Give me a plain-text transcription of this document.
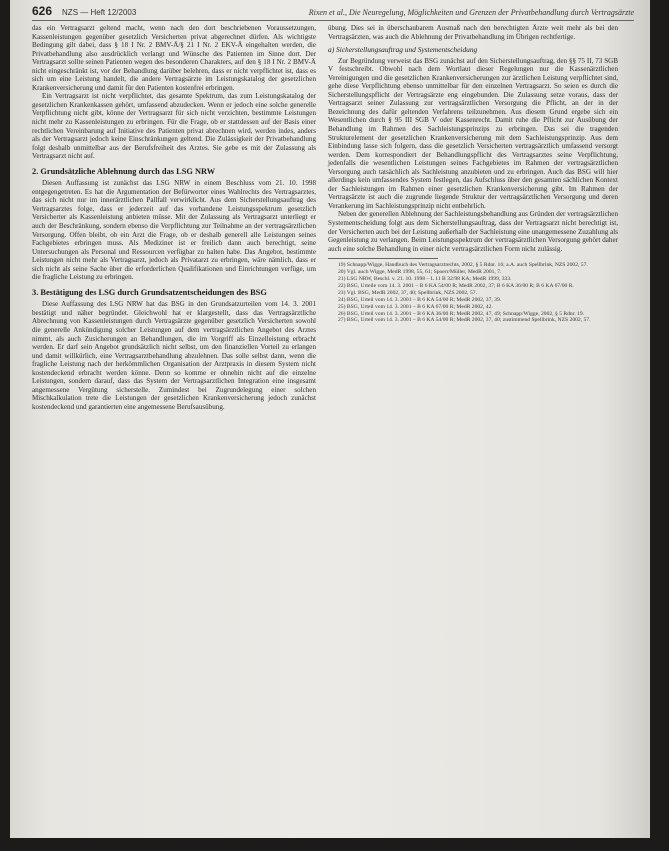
626 NZS — Heft 12/2003	Rixen et al., Die Neuregelung, Möglichkeiten und Grenzen der Privatbehandlung durch Vertragsärzte

das ein Vertragsarzt geltend macht, wenn nach den dort beschriebenen Voraussetzungen, Kassenleistungen gegenüber gesetzlich Versicherten privat abgerechnet dürfen. Als wichtigste Bedingung gilt dabei, dass § 18 I Nr. 2 BMV-Ä/§ 21 I Nr. 2 EKV-Ä eingehalten werden, die Privatbehandlung also ausdrücklich verlangt und Wünsche des Patienten im Sinne dort. Der Vertragsarzt sollte seinen Patienten wegen des besonderen Charakters, auf den § 18 I Nr. 2 BMV-Ä nicht eingeschränkt ist, vor der Behandlung darüber belehren, dass er nicht verpflichtet ist, dass es sich um eine Leistung handelt, die andere Vertragsärzte im Leistungskatalog der gesetzlichen Krankenversicherung und damit für den Patienten kostenfrei erbringen.

Ein Vertragsarzt ist nicht verpflichtet, das gesamte Spektrum, das zum Leistungskatalog der gesetzlichen Krankenkassen gehört, umfassend abzudecken. Wenn er jedoch eine solche generelle Verpflichtung nicht gibt, könne der Vertragsarzt für sich nicht verzichten, bestimmte Leistungen nicht mehr zu Kassenleistungen zu erbringen. Für die Frage, ob er stattdessen auf der Basis einer rechtlichen Vereinbarung auf Initiative des Patienten privat abrechnen wird, werden indes, anders als der Vertragsarzt jedoch keine Einschränkungen geltend. Die Zulässigkeit der Privatbehandlung folgt deshalb unmittelbar aus der Berufsfreiheit des Arztes. Sie gebe es mit der Zulassung als Vertragsarzt nicht auf.

2. Grundsätzliche Ablehnung durch das LSG NRW

Diesen Auffassung ist zunächst das LSG NRW in einem Beschluss vom 21. 10. 1998 entgegengetreten. Es hat die Argumentation der Befürworter eines Wahlrechts des Vertragsarztes, das sich nicht nur im innerärztlichen Pallfall verwirklicht. Aus dem Sicherstellungsauftrag des Vertragsarztes folge, dass er jederzeit auf das vorhandene Leistungsspektrum gesetzlich Versicherter als Kassenleistung anbieten müsse. Mit der Zulassung als Vertragsarzt unterliegt er auch der Beschränkung, sondern ebenso die Verpflichtung zur Teilnahme an der vertragsärztlichen Versorgung. Offen bleibt, ob ein Arzt die Frage, ob er deshalb generell alle Leistungen seines Fachgebietes erbringen muss. Als Mediziner ist er freilich dann auch berechtigt, seine Untersuchungen als Personal und Ressourcen verfügbar zu halten habe. Das Angebot, bestimmte Leistungen nicht mehr als Vertragsarzt, jedoch als Privatarzt zu erbringen, wäre nämlich, dass er sich nicht als seine Sache über die erforderlichen Qualifikationen und Einrichtungen verfüge, um die fragliche Leistung zu erbringen.

3. Bestätigung des LSG durch Grundsatzentscheidungen des BSG

Diese Auffassung des LSG NRW hat das BSG in den Grundsatzurteilen vom 14. 3. 2001 bestätigt und näher begründet. Gleichwohl hat er klargestellt, dass das Vertragsärztliche Abrechnung von Kassenleistungen durch Vertragsärzte gegenüber gesetzlich Versicherten sowohl die generelle Ankündigung solcher Leistungen auf dem vertragsärztlichen Angebot des Arztes nimmt, als auch Zusicherungen an Behandlungen, die im Vorgriff als Einzelleistung erbracht werden. Er darf sein Angebot grundsätzlich nicht selbst, um den finanziellen Vorteil zu erlangen und damit willkürlich, eine Vertragsarztbehandlung abzulehnen. Das solle selbst dann, wenn die fragliche Leistung nach der herkömmlichen Organisation der Arztpraxis in diesem System nicht kostendeckend erbracht werden könne. Denn so komme er ohnehin nicht auf die einzelne Leistungen, sondern darauf, dass das System der Vertragsarztlichen Integration eine insgesamt angemessene Vergütung sicherstelle. Zumindest bei Zugrundelegung einer solchen Mischkalkulation trete die Leistungen der gesetzlichen Krankenversicherung jedoch zunächst kostendeckend und garantierten eine angemessene Berufsausübung.

übung. Dies sei in überschaubarem Ausmaß nach den berechtigten Ärzte weit mehr als bei den Vertragsärzten, was auch die Ablehnung der Privatbehandlung im Übrigen rechtfertige.

a) Sicherstellungsauftrag und Systementscheidung

Zur Begründung verweist das BSG zunächst auf den Sicherstellungsauftrag, den §§ 75 II, 73 SGB V festschreibt. Obwohl nach dem Wortlaut dieser Regelungen nur die Kassenärztlichen Vereinigungen und die gesetzlichen Krankenversicherungen zur ärztlichen Leistung verpflichtet sind, gehe diese Verpflichtung ebenso unmittelbar für den einzelnen Vertragsarzt. So seien es durch die Sicherstellungspflicht der Vertragsärzte eng eingebunden. Die Zulassung setze voraus, dass der Vertragsarzt seiner Zulassung zur vertragsärztlichen Versorgung die Pflicht, an der in der Bezeichnung des dafür geltenden Verfahrens teilzunehmen. Aus diesem Grund ergebe sich ein Wesentlichen durch § 95 III SGB V oder Kassenrecht. Damit ruhe die Pflicht zur Ausübung der Behandlung im Rahmen des Sachleistungsprinzips zu erbringen. Das sei die tragenden Strukturelement der gesetzlichen Krankenversicherung mit dem Sachleistungsprinzip. Aus dem Einbindung lasse sich folgern, dass die gesetzlich Versicherten vertragsärztlich umfassend versorgt werden. Dem korrespondiert der Behandlungspflicht des Vertragsarztes seine Verpflichtung, jedenfalls die wesentlichen Leistungen seines Fachgebietes im Rahmen der vertragsärztlichen Versorgung auch tatsächlich als Sachleistung anzubieten und zu erbringen. Auch das BSG will hier allerdings kein umfassendes System festlegen, das Aufschluss über den gesamten sächlichen Kontext der Sachleistungen im Rahmen einer gesetzlichen Krankenversicherung gibt. Im Rahmen der Vertragsärzte ist auch die zugrunde liegende Struktur der vertragsärztlichen Versorgung und deren Verankerung im Sachleistungsprinzip nicht entbehrlich.

Neben der generellen Ablehnung der Sachleistungsbehandlung aus Gründen der vertragsärztlichen Systementscheidung folgt aus dem Sicherstellungsauftrag, dass der Vertragsarzt nicht berechtigt ist, der Versicherten auch bei der Leistung außerhalb der Sachleistung eine unangemessene Zuzahlung als Gegenleistung zu verlangen. Beim Leistungsspektrum der vertragsärztlichen Versorgung gehört daher auch eine solche Behandlung in einer nicht vertragsärztlichen Form nicht zulässig.

19) Schnapp/Wigge, Handbuch des Vertragsarztrechts, 2002, § 5 Rdnr. 16; a.A. auch Spellbrink, NZS 2002, 57.

20) Vgl. auch Wigge, MedR 1998, 55, 61; Spoerr/Müller, MedR 2001, 7.

21) LSG NRW, Beschl. v. 21. 10. 1998 – L 11 B 32/98 KA; MedR 1999, 333.

22) BSG, Urteile vom 14. 3. 2001 – B 6 KA 54/00 R; MedR 2002, 37; B 6 KA 36/00 R; B 6 KA 67/00 R.

23) Vgl. BSG, MedR 2002, 37, 40; Spellbrink, NZS 2002, 57.

24) BSG, Urteil vom 14. 3. 2001 – B 6 KA 54/00 R; MedR 2002, 37, 39.

25) BSG, Urteil vom 14. 3. 2001 – B 6 KA 67/00 R; MedR 2002, 42.

26) BSG, Urteil vom 14. 3. 2001 – B 6 KA 36/00 R; MedR 2002, 47, 49; Schnapp/Wigge, 2002, § 5 Rdnr. 19.

27) BSG, Urteil vom 14. 3. 2001 – B 6 KA 54/00 R; MedR 2002, 37, 40; zustimmend Spellbrink, NZS 2002, 57.
